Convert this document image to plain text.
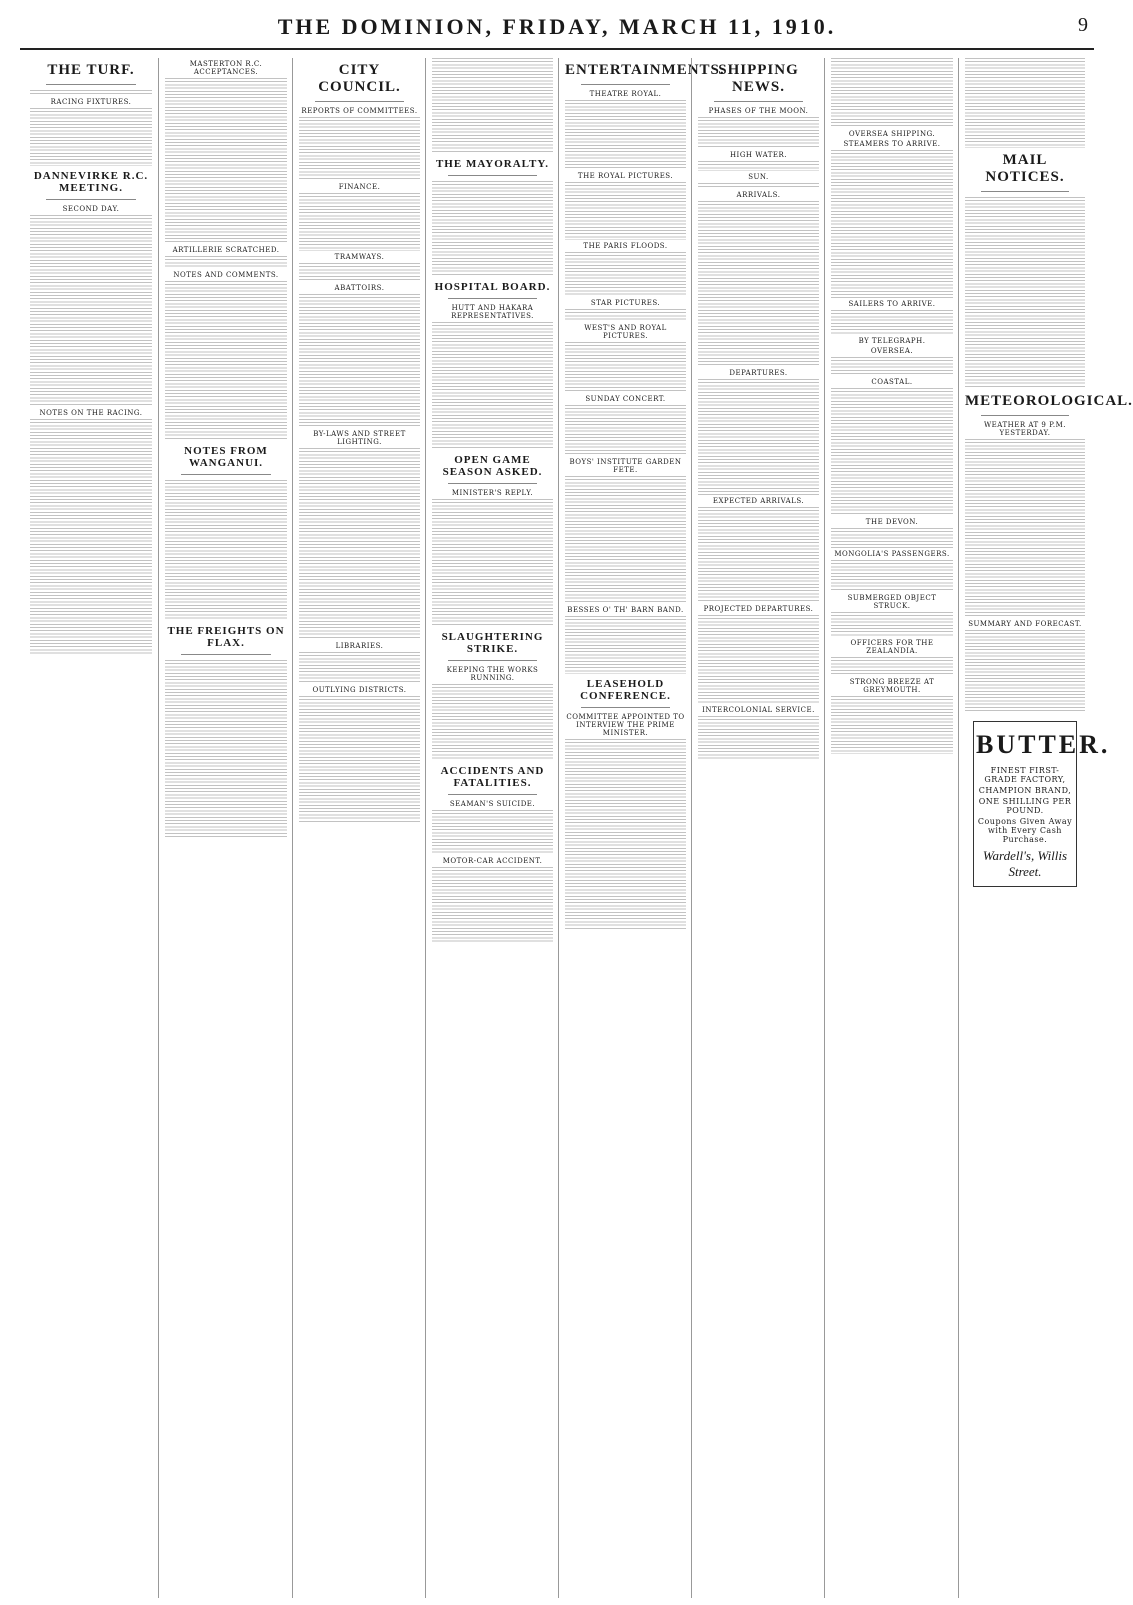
THE DOMINION, FRIDAY, MARCH 11, 1910.	9
THE TURF.
RACING FIXTURES.
DANNEVIRKE R.C. MEETING.
SECOND DAY.
NOTES ON THE RACING.
MASTERTON R.C. ACCEPTANCES.
ARTILLERIE SCRATCHED.
NOTES AND COMMENTS.
NOTES FROM WANGANUI.
THE FREIGHTS ON FLAX.
CITY COUNCIL.
REPORTS OF COMMITTEES.
FINANCE.
TRAMWAYS.
ABATTOIRS.
BY-LAWS AND STREET LIGHTING.
LIBRARIES.
OUTLYING DISTRICTS.
THE MAYORALTY.
HOSPITAL BOARD.
HUTT AND HAKARA REPRESENTATIVES.
OPEN GAME SEASON ASKED.
MINISTER'S REPLY.
SLAUGHTERING STRIKE.
KEEPING THE WORKS RUNNING.
ACCIDENTS AND FATALITIES.
SEAMAN'S SUICIDE.
MOTOR-CAR ACCIDENT.
ENTERTAINMENTS.
THEATRE ROYAL.
THE ROYAL PICTURES.
THE PARIS FLOODS.
STAR PICTURES.
WEST'S AND ROYAL PICTURES.
SUNDAY CONCERT.
BOYS' INSTITUTE GARDEN FETE.
BESSES O' TH' BARN BAND.
LEASEHOLD CONFERENCE.
COMMITTEE APPOINTED TO INTERVIEW THE PRIME MINISTER.
SHIPPING NEWS.
PHASES OF THE MOON.
HIGH WATER.
SUN.
ARRIVALS.
DEPARTURES.
EXPECTED ARRIVALS.
PROJECTED DEPARTURES.
INTERCOLONIAL SERVICE.
OVERSEA SHIPPING.
STEAMERS TO ARRIVE.
SAILERS TO ARRIVE.
BY TELEGRAPH.
OVERSEA.
COASTAL.
THE DEVON.
MONGOLIA'S PASSENGERS.
SUBMERGED OBJECT STRUCK.
OFFICERS FOR THE ZEALANDIA.
STRONG BREEZE AT GREYMOUTH.
MAIL NOTICES.
METEOROLOGICAL.
WEATHER AT 9 P.M. YESTERDAY.
SUMMARY AND FORECAST.
BUTTER.
FINEST FIRST-GRADE FACTORY,
CHAMPION BRAND,
ONE SHILLING PER POUND.
Coupons Given Away with Every Cash Purchase.
Wardell's, Willis Street.
